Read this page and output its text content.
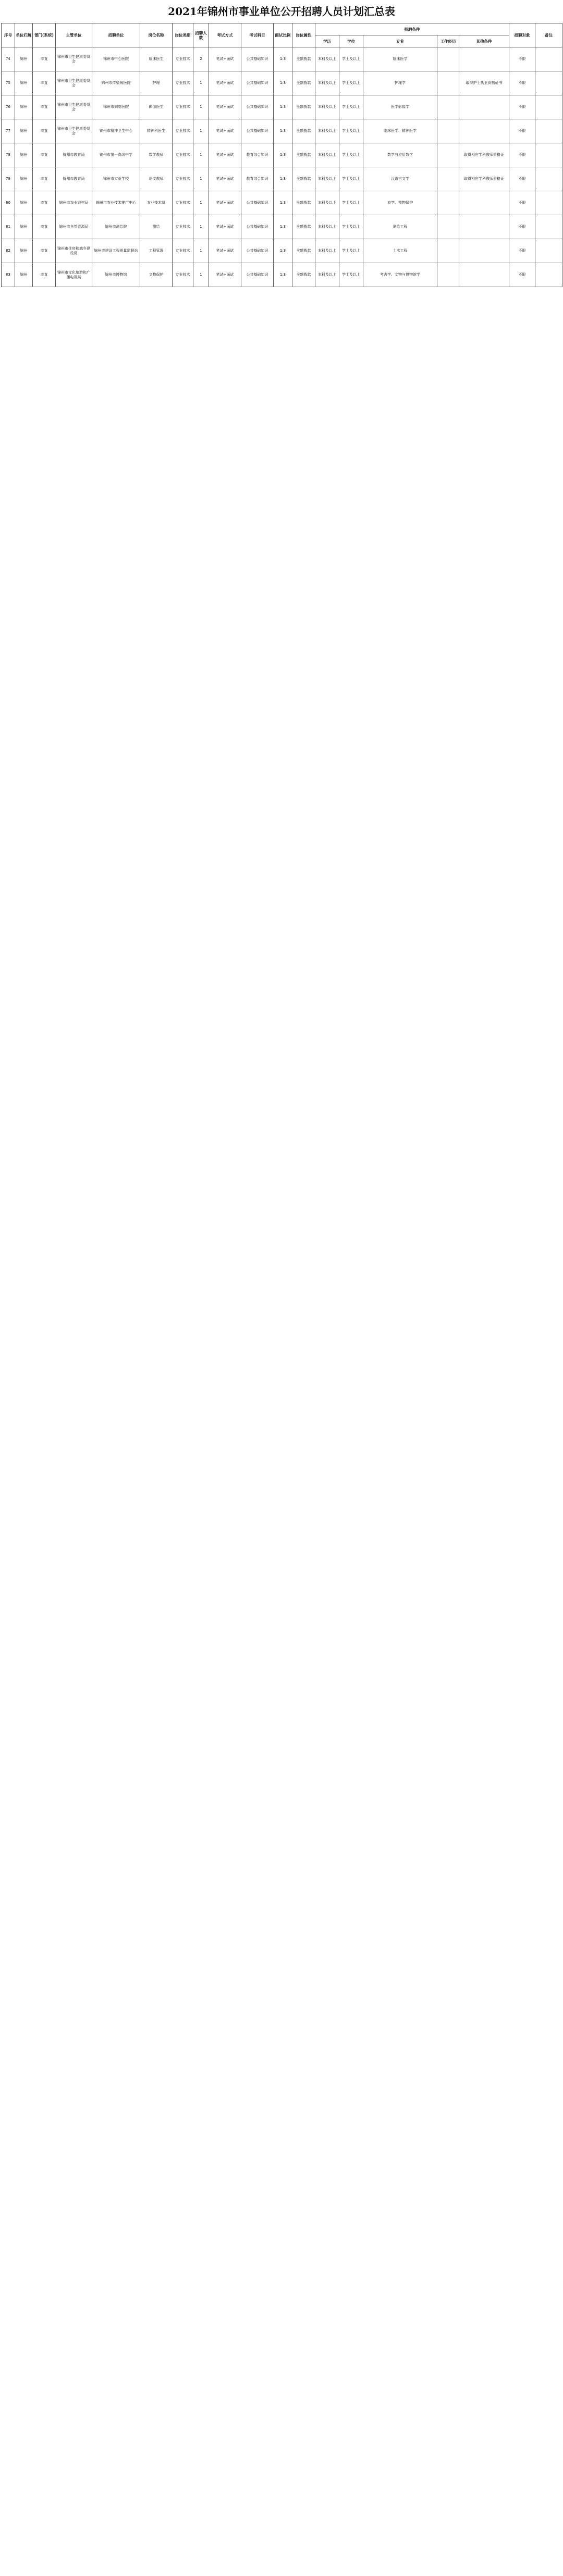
2021年锦州市事业单位公开招聘人员计划汇总表
序号	单位归属	部门(系统)	主管单位	招聘单位	岗位名称	岗位类别	招聘人数	考试方式	考试科目	面试比例	岗位属性	招聘条件					招聘对象	备注
												学历	学位	专业	工作经历	其他条件		
74	锦州	市直	锦州市卫生健康委员会	锦州市中心医院	临床医生	专业技术	2	笔试+面试	公共基础知识	1:3	全额拨款	本科及以上	学士及以上	临床医学			不限	
75	锦州	市直	锦州市卫生健康委员会	锦州市传染病医院	护理	专业技术	1	笔试+面试	公共基础知识	1:3	全额拨款	本科及以上	学士及以上	护理学		取得护士执业资格证书	不限	
76	锦州	市直	锦州市卫生健康委员会	锦州市妇婴医院	影像医生	专业技术	1	笔试+面试	公共基础知识	1:3	全额拨款	本科及以上	学士及以上	医学影像学			不限	
77	锦州	市直	锦州市卫生健康委员会	锦州市精神卫生中心	精神科医生	专业技术	1	笔试+面试	公共基础知识	1:3	全额拨款	本科及以上	学士及以上	临床医学、精神医学			不限	
78	锦州	市直	锦州市教育局	锦州市第一高级中学	数学教师	专业技术	1	笔试+面试	教育综合知识	1:3	全额拨款	本科及以上	学士及以上	数学与应用数学		取得相应学科教师资格证	不限	
79	锦州	市直	锦州市教育局	锦州市实验学校	语文教师	专业技术	1	笔试+面试	教育综合知识	1:3	全额拨款	本科及以上	学士及以上	汉语言文学		取得相应学科教师资格证	不限	
80	锦州	市直	锦州市农业农村局	锦州市农业技术推广中心	农业技术员	专业技术	1	笔试+面试	公共基础知识	1:3	全额拨款	本科及以上	学士及以上	农学、植物保护			不限	
81	锦州	市直	锦州市自然资源局	锦州市测绘院	测绘	专业技术	1	笔试+面试	公共基础知识	1:3	全额拨款	本科及以上	学士及以上	测绘工程			不限	
82	锦州	市直	锦州市住房和城乡建设局	锦州市建设工程质量监督站	工程管理	专业技术	1	笔试+面试	公共基础知识	1:3	全额拨款	本科及以上	学士及以上	土木工程			不限	
83	锦州	市直	锦州市文化旅游和广播电视局	锦州市博物馆	文物保护	专业技术	1	笔试+面试	公共基础知识	1:3	全额拨款	本科及以上	学士及以上	考古学、文物与博物馆学			不限	
